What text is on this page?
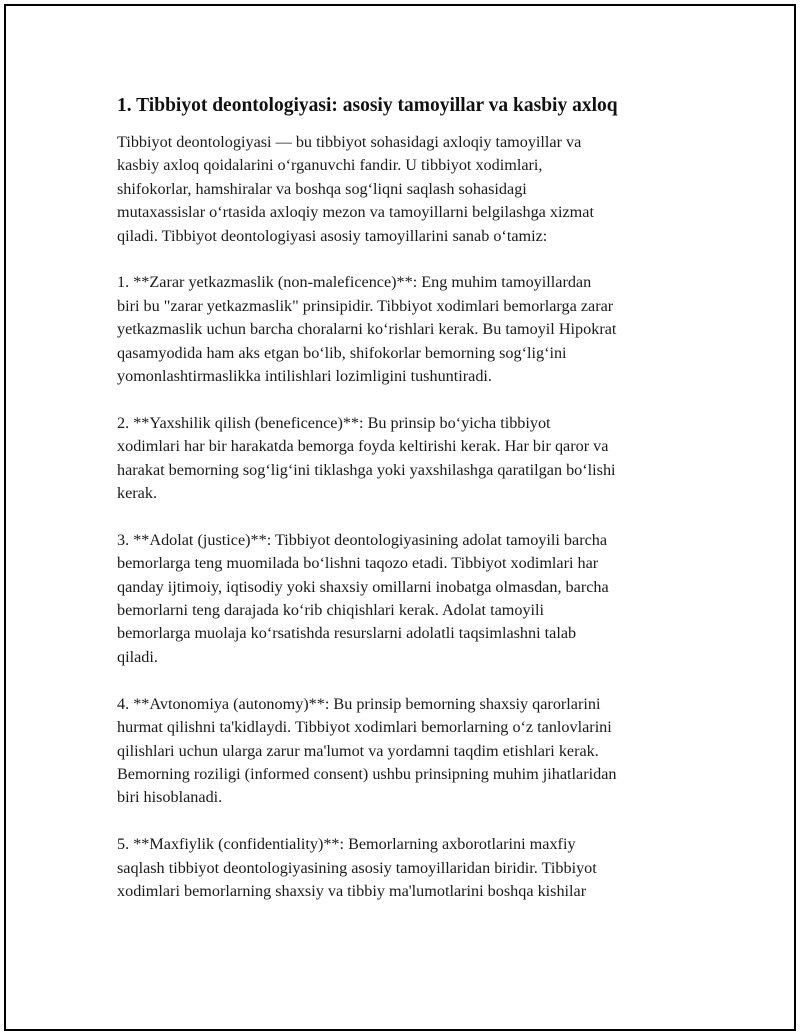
1. Tibbiyot deontologiyasi: asosiy tamoyillar va kasbiy axloq
Tibbiyot deontologiyasi — bu tibbiyot sohasidagi axloqiy tamoyillar va
kasbiy axloq qoidalarini oʻrganuvchi fandir. U tibbiyot xodimlari,
shifokorlar, hamshiralar va boshqa sogʻliqni saqlash sohasidagi
mutaxassislar oʻrtasida axloqiy mezon va tamoyillarni belgilashga xizmat
qiladi. Tibbiyot deontologiyasi asosiy tamoyillarini sanab oʻtamiz:
1. **Zarar yetkazmaslik (non-maleficence)**: Eng muhim tamoyillardan
biri bu "zarar yetkazmaslik" prinsipidir. Tibbiyot xodimlari bemorlarga zarar
yetkazmaslik uchun barcha choralarni koʻrishlari kerak. Bu tamoyil Hipokrat
qasamyodida ham aks etgan boʻlib, shifokorlar bemorning sogʻligʻini
yomonlashtirmaslikka intilishlari lozimligini tushuntiradi.
2. **Yaxshilik qilish (beneficence)**: Bu prinsip boʻyicha tibbiyot
xodimlari har bir harakatda bemorga foyda keltirishi kerak. Har bir qaror va
harakat bemorning sogʻligʻini tiklashga yoki yaxshilashga qaratilgan boʻlishi
kerak.
3. **Adolat (justice)**: Tibbiyot deontologiyasining adolat tamoyili barcha
bemorlarga teng muomilada boʻlishni taqozo etadi. Tibbiyot xodimlari har
qanday ijtimoiy, iqtisodiy yoki shaxsiy omillarni inobatga olmasdan, barcha
bemorlarni teng darajada koʻrib chiqishlari kerak. Adolat tamoyili
bemorlarga muolaja koʻrsatishda resurslarni adolatli taqsimlashni talab
qiladi.
4. **Avtonomiya (autonomy)**: Bu prinsip bemorning shaxsiy qarorlarini
hurmat qilishni ta'kidlaydi. Tibbiyot xodimlari bemorlarning oʻz tanlovlarini
qilishlari uchun ularga zarur ma'lumot va yordamni taqdim etishlari kerak.
Bemorning roziligi (informed consent) ushbu prinsipning muhim jihatlaridan
biri hisoblanadi.
5. **Maxfiylik (confidentiality)**: Bemorlarning axborotlarini maxfiy
saqlash tibbiyot deontologiyasining asosiy tamoyillaridan biridir. Tibbiyot
xodimlari bemorlarning shaxsiy va tibbiy ma'lumotlarini boshqa kishilar
